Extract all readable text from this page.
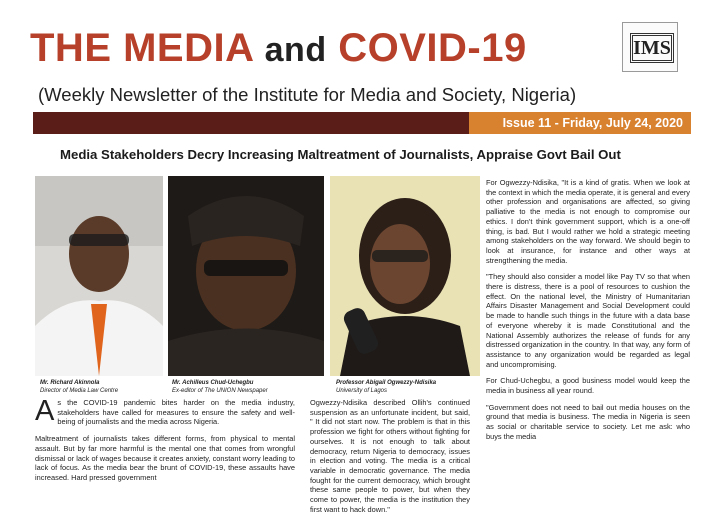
THE MEDIA and COVID-19	IMS
(Weekly Newsletter of the Institute for Media and Society, Nigeria)
Issue 11 - Friday, July 24, 2020
Media Stakeholders Decry Increasing Maltreatment of Journalists, Appraise Govt Bail Out
Mr. Richard Akinnola
Director of Media Law Centre
Mr. Achilleus Chud-Uchegbu
Ex-editor of The UNION Newspaper
Professor Abigail Ogwezzy-Ndisika
University of Lagos

As the COVID-19 pandemic bites harder on the media industry, stakeholders have called for measures to ensure the safety and well- being of journalists and the media across Nigeria.

Maltreatment of journalists takes different forms, from physical to mental assault. But by far more harmful is the mental one that comes from wrongful dismissal or lack of wages because it creates anxiety, constant worry leading to lack of focus. As the media bear the brunt of COVID-19, these assaults have increased. Hard pressed government

Ogwezzy-Ndisika described Ollih's continued suspension as an unfortunate incident, but said, " It did not start now. The problem is that in this profession we fight for others without fighting for ourselves. It is not enough to talk about democracy, return Nigeria to democracy, issues in election and voting. The media is a critical variable in democratic governance. The media fought for the current democracy, which brought these same people to power, but when they come to power, the media is the institution they first want to hack down."

For Ogwezzy-Ndisika, "It is a kind of gratis. When we look at the context in which the media operate, it is general and every other profession and organisations are affected, so giving palliative to the media is not enough to compromise our ethics. I don't think government support, which is a one-off thing, is bad. But I would rather we hold a strategic meeting among stakeholders on the way forward. We should begin to look at insurance, for instance and other ways at strengthening the media.

"They should also consider a model like Pay TV so that when there is distress, there is a pool of resources to cushion the effect. On the national level, the Ministry of Humanitarian Affairs Disaster Management and Social Development could be made to handle such things in the future with a data base of everyone whereby it is made Constitutional and the National Assembly authorizes the release of funds for any distressed organization in the country. In that way, any form of assistance to any organization would be regarded as legal and uncompromising.

For Chud-Uchegbu, a good business model would keep the media in business all year round.

"Government does not need to bail out media houses on the ground that media is business. The media in Nigeria is seen as social or charitable service to society. Let me ask: who buys the media
